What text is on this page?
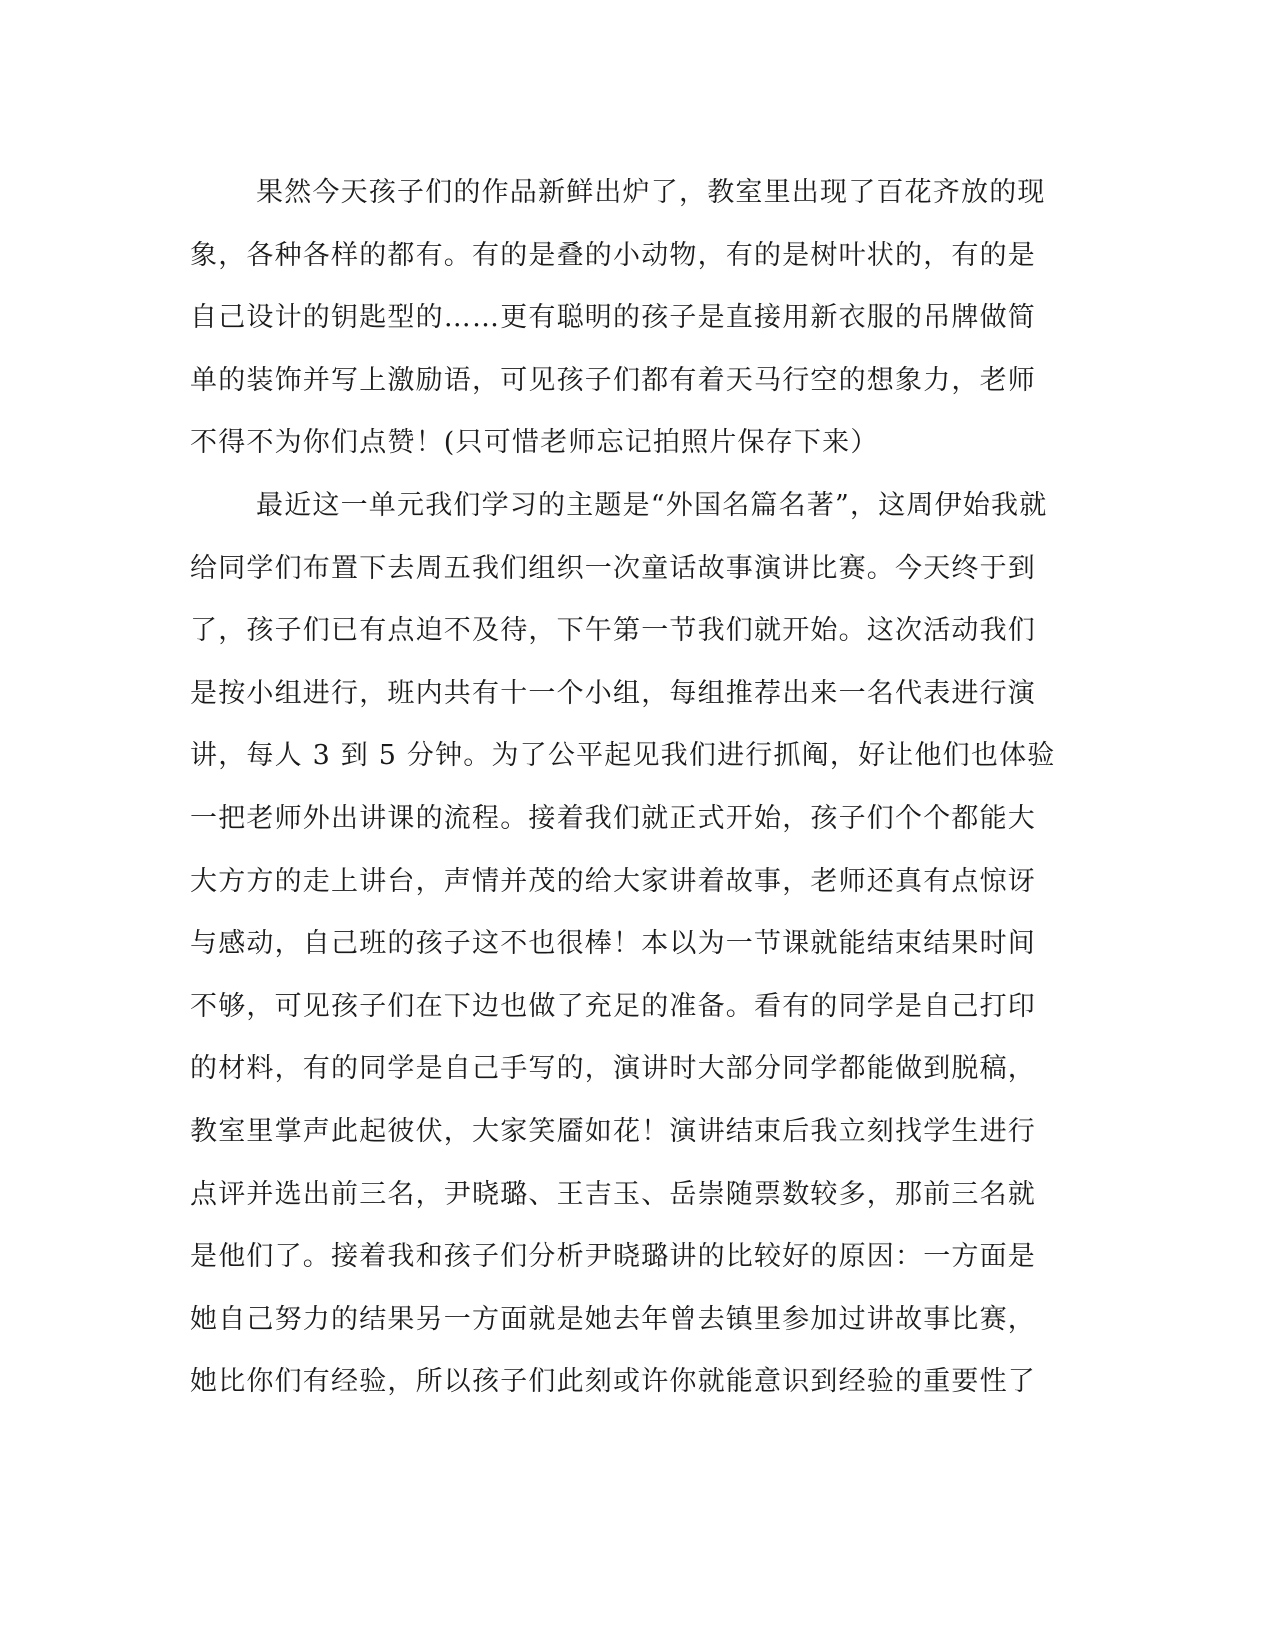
果然今天孩子们的作品新鲜出炉了，教室里出现了百花齐放的现
象，各种各样的都有。有的是叠的小动物，有的是树叶状的，有的是
自己设计的钥匙型的……更有聪明的孩子是直接用新衣服的吊牌做简
单的装饰并写上激励语，可见孩子们都有着天马行空的想象力，老师
不得不为你们点赞！(只可惜老师忘记拍照片保存下来）

最近这一单元我们学习的主题是“外国名篇名著”，这周伊始我就
给同学们布置下去周五我们组织一次童话故事演讲比赛。今天终于到
了，孩子们已有点迫不及待，下午第一节我们就开始。这次活动我们
是按小组进行，班内共有十一个小组，每组推荐出来一名代表进行演
讲，每人 3 到 5 分钟。为了公平起见我们进行抓阄，好让他们也体验
一把老师外出讲课的流程。接着我们就正式开始，孩子们个个都能大
大方方的走上讲台，声情并茂的给大家讲着故事，老师还真有点惊讶
与感动，自己班的孩子这不也很棒！本以为一节课就能结束结果时间
不够，可见孩子们在下边也做了充足的准备。看有的同学是自己打印
的材料，有的同学是自己手写的，演讲时大部分同学都能做到脱稿，
教室里掌声此起彼伏，大家笑靥如花！演讲结束后我立刻找学生进行
点评并选出前三名，尹晓璐、王吉玉、岳崇随票数较多，那前三名就
是他们了。接着我和孩子们分析尹晓璐讲的比较好的原因：一方面是
她自己努力的结果另一方面就是她去年曾去镇里参加过讲故事比赛，
她比你们有经验，所以孩子们此刻或许你就能意识到经验的重要性了
